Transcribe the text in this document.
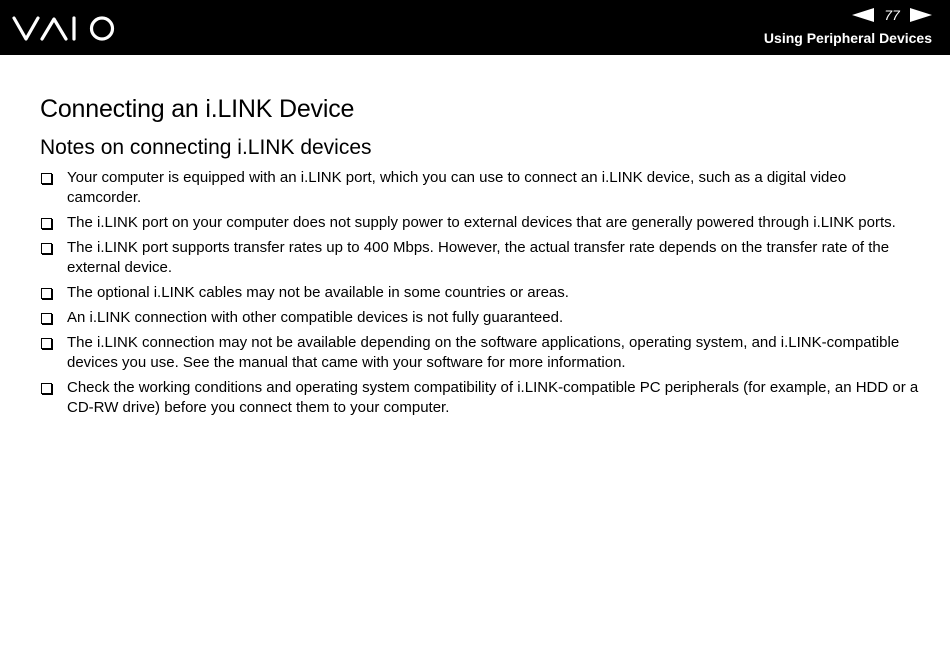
77
Using Peripheral Devices
Connecting an i.LINK Device
Notes on connecting i.LINK devices
Your computer is equipped with an i.LINK port, which you can use to connect an i.LINK device, such as a digital video camcorder.
The i.LINK port on your computer does not supply power to external devices that are generally powered through i.LINK ports.
The i.LINK port supports transfer rates up to 400 Mbps. However, the actual transfer rate depends on the transfer rate of the external device.
The optional i.LINK cables may not be available in some countries or areas.
An i.LINK connection with other compatible devices is not fully guaranteed.
The i.LINK connection may not be available depending on the software applications, operating system, and i.LINK-compatible devices you use. See the manual that came with your software for more information.
Check the working conditions and operating system compatibility of i.LINK-compatible PC peripherals (for example, an HDD or a CD-RW drive) before you connect them to your computer.
